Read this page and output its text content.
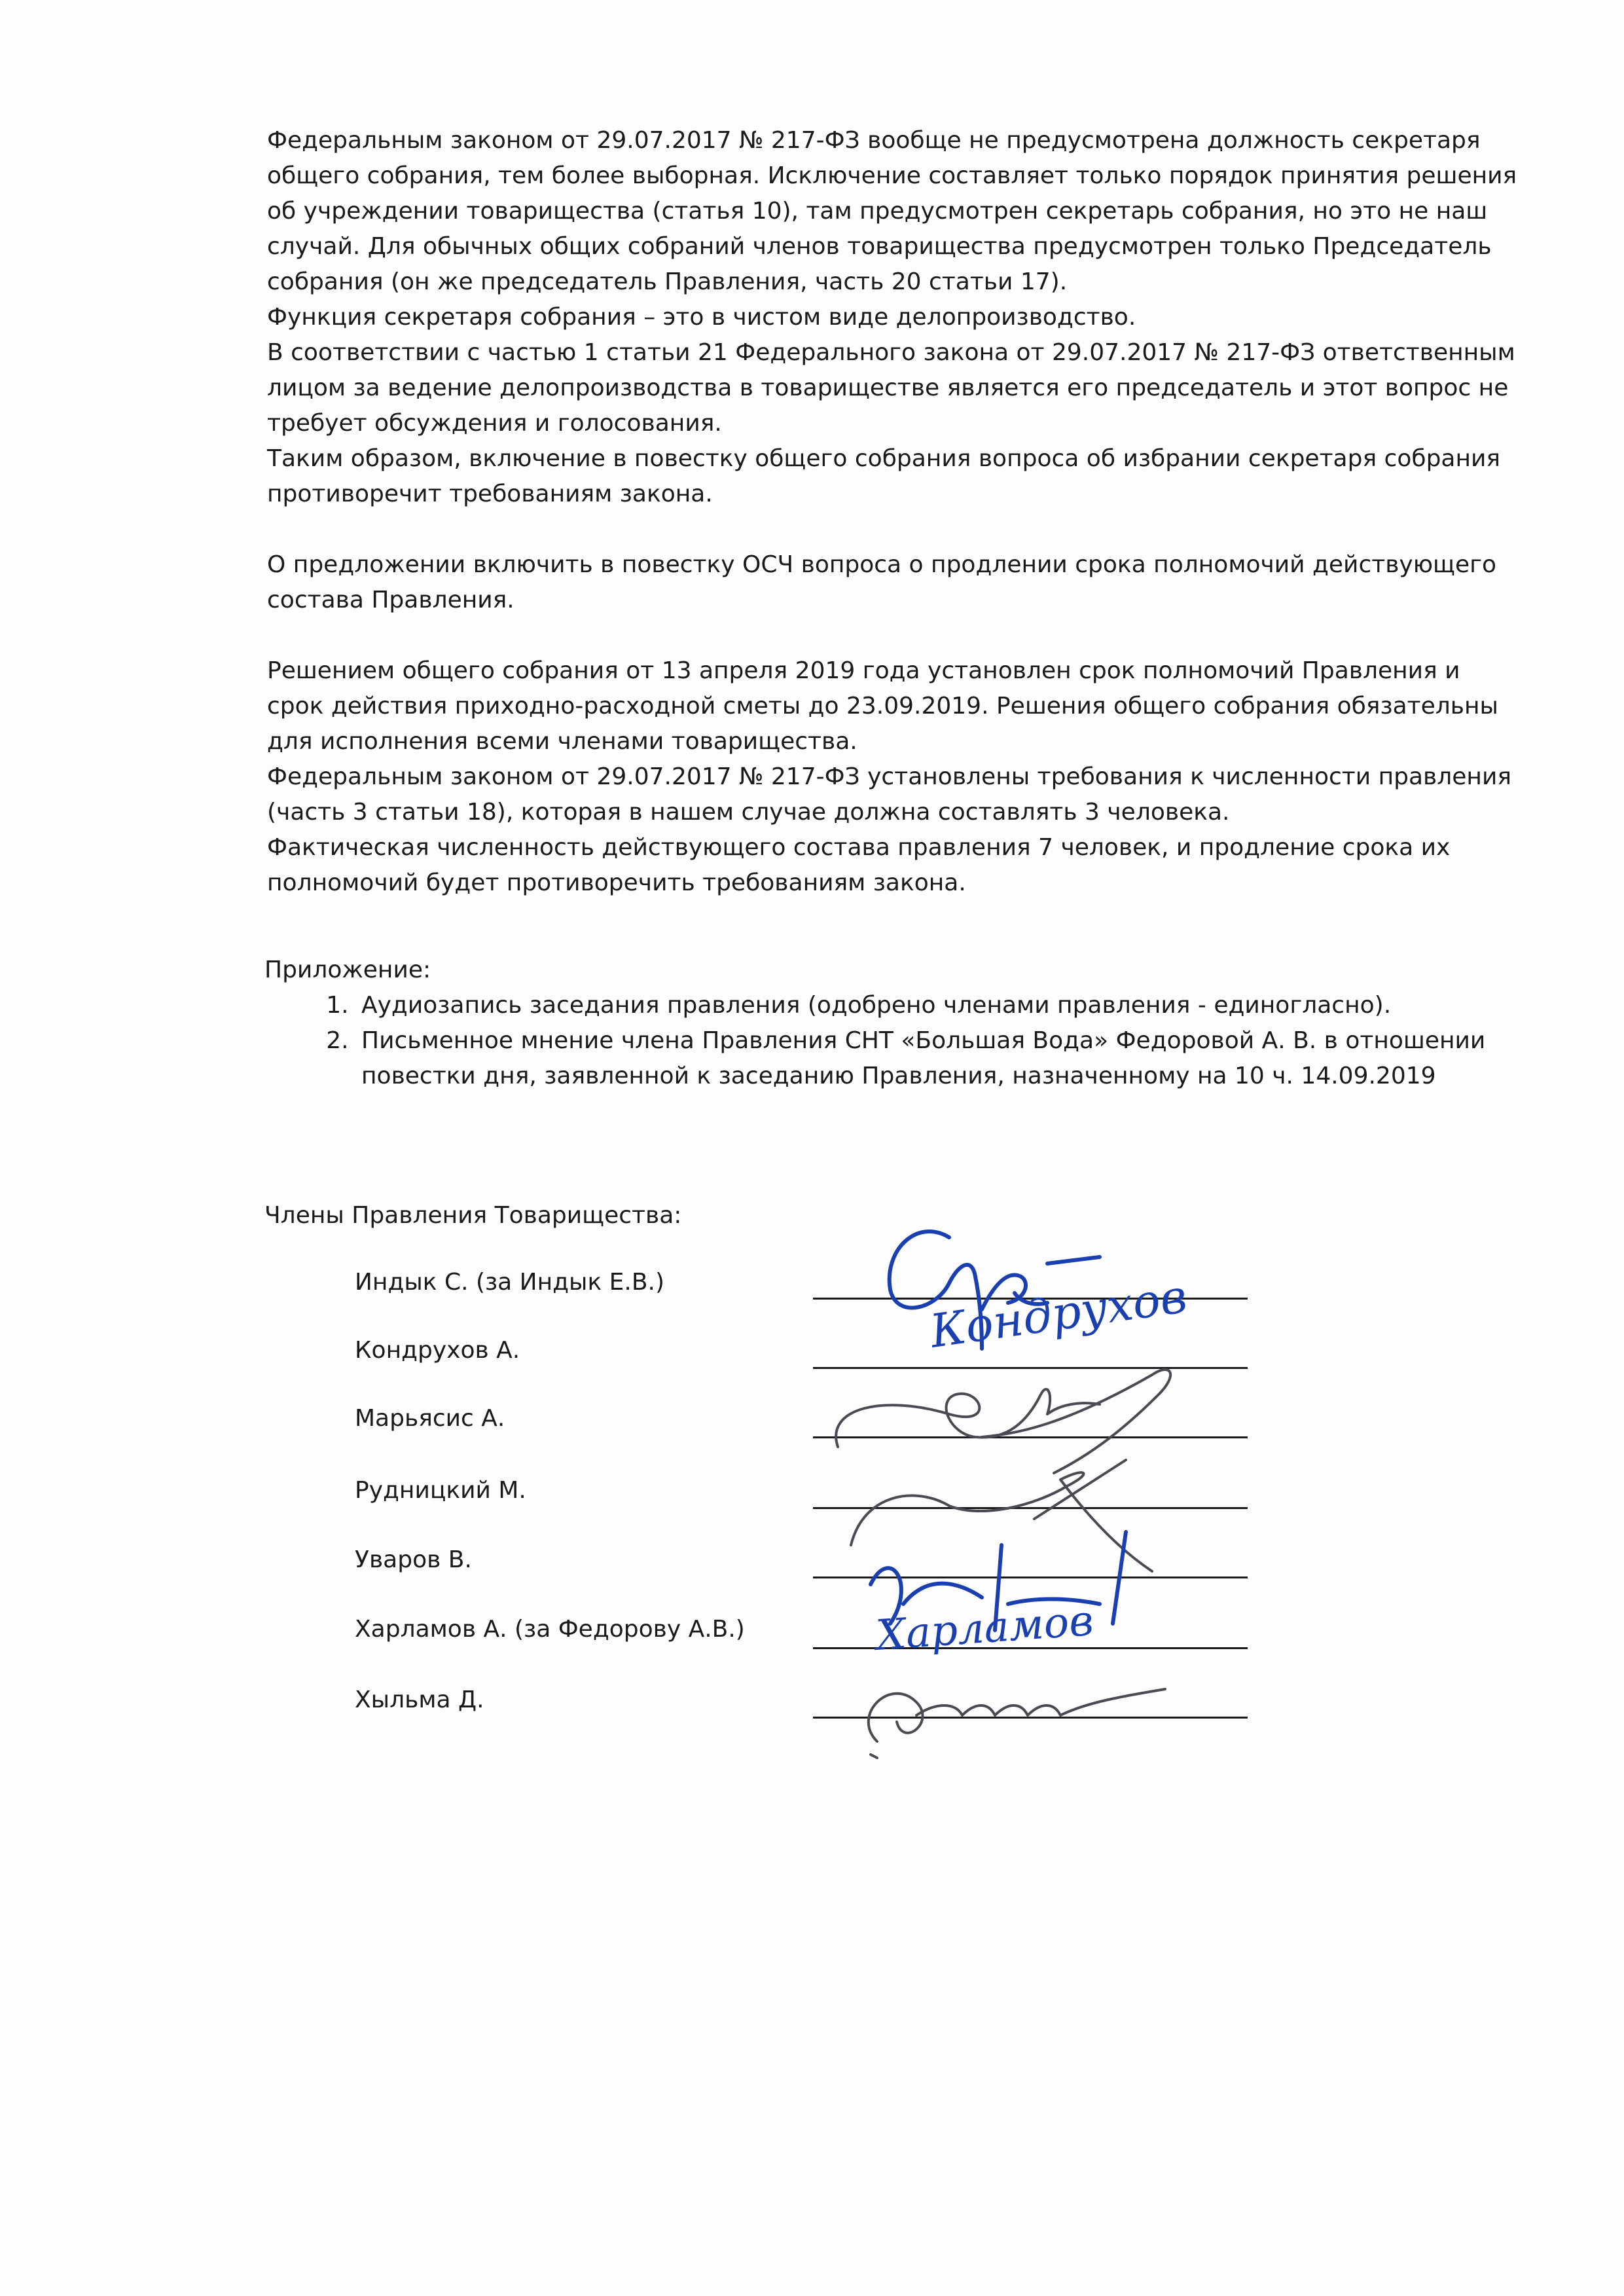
Федеральным законом от 29.07.2017 № 217-ФЗ вообще не предусмотрена должность секретаря

общего собрания, тем более выборная. Исключение составляет только порядок принятия решения

об учреждении товарищества (статья 10), там предусмотрен секретарь собрания, но это не наш

случай. Для обычных общих собраний членов товарищества предусмотрен только Председатель

собрания (он же председатель Правления, часть 20 статьи 17).

Функция секретаря собрания – это в чистом виде делопроизводство.

В соответствии с частью 1 статьи 21 Федерального закона от 29.07.2017 № 217-ФЗ ответственным

лицом за ведение делопроизводства в товариществе является его председатель и этот вопрос не

требует обсуждения и голосования.

Таким образом, включение в повестку общего собрания вопроса об избрании секретаря собрания

противоречит требованиям закона.

О предложении включить в повестку ОСЧ вопроса о продлении срока полномочий действующего

состава Правления.

Решением общего собрания от 13 апреля 2019 года установлен срок полномочий Правления и

срок действия приходно-расходной сметы до 23.09.2019. Решения общего собрания обязательны

для исполнения всеми членами товарищества.

Федеральным законом от 29.07.2017 № 217-ФЗ установлены требования к численности правления

(часть 3 статьи 18), которая в нашем случае должна составлять 3 человека.

Фактическая численность действующего состава правления 7 человек, и продление срока их

полномочий будет противоречить требованиям закона.

Приложение:

1. Аудиозапись заседания правления (одобрено членами правления - единогласно).
2. Письменное мнение члена Правления СНТ «Большая Вода» Федоровой А. В. в отношении
повестки дня, заявленной к заседанию Правления, назначенному на 10 ч. 14.09.2019

Члены Правления Товарищества:

Индык С. (за Индык Е.В.)

Кондрухов А.

Марьясис А.

Рудницкий М.

Уваров В.

Харламов А. (за Федорову А.В.)

Хыльма Д.

Кондрухов
Харламов
